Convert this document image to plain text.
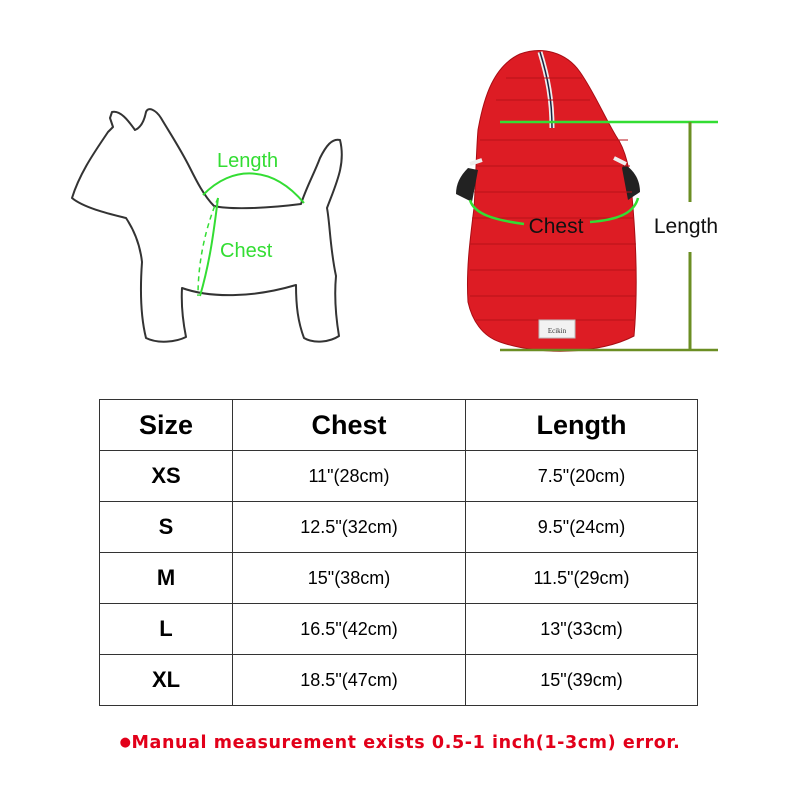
Length
Chest
Ecikin
Chest	Length
Size	Chest	Length
XS	11"(28cm)	7.5"(20cm)
S	12.5"(32cm)	9.5"(24cm)
M	15"(38cm)	11.5"(29cm)
L	16.5"(42cm)	13"(33cm)
XL	18.5"(47cm)	15"(39cm)
●Manual measurement exists 0.5-1 inch(1-3cm) error.
